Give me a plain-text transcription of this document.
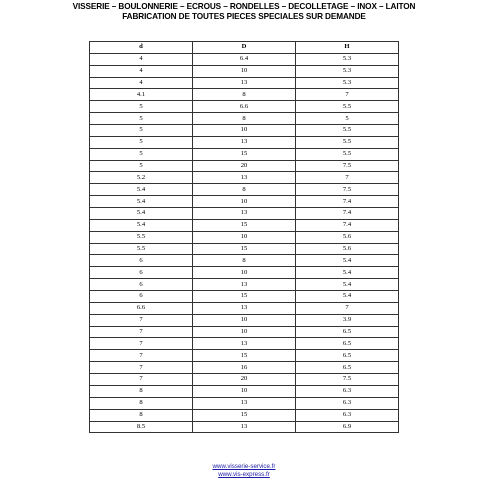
VISSERIE – BOULONNERIE – ECROUS – RONDELLES – DECOLLETAGE – INOX – LAITON
FABRICATION DE TOUTES PIECES SPECIALES SUR DEMANDE
d	D	H
4	6.4	5.3
4	10	5.3
4	13	5.3
4.1	8	7
5	6.6	5.5
5	8	5
5	10	5.5
5	13	5.5
5	15	5.5
5	20	7.5
5.2	13	7
5.4	8	7.5
5.4	10	7.4
5.4	13	7.4
5.4	15	7.4
5.5	10	5.6
5.5	15	5.6
6	8	5.4
6	10	5.4
6	13	5.4
6	15	5.4
6.6	13	7
7	10	3.9
7	10	6.5
7	13	6.5
7	15	6.5
7	16	6.5
7	20	7.5
8	10	6.3
8	13	6.3
8	15	6.3
8.5	13	6.9
www.visserie-service.fr
www.vis-express.fr
